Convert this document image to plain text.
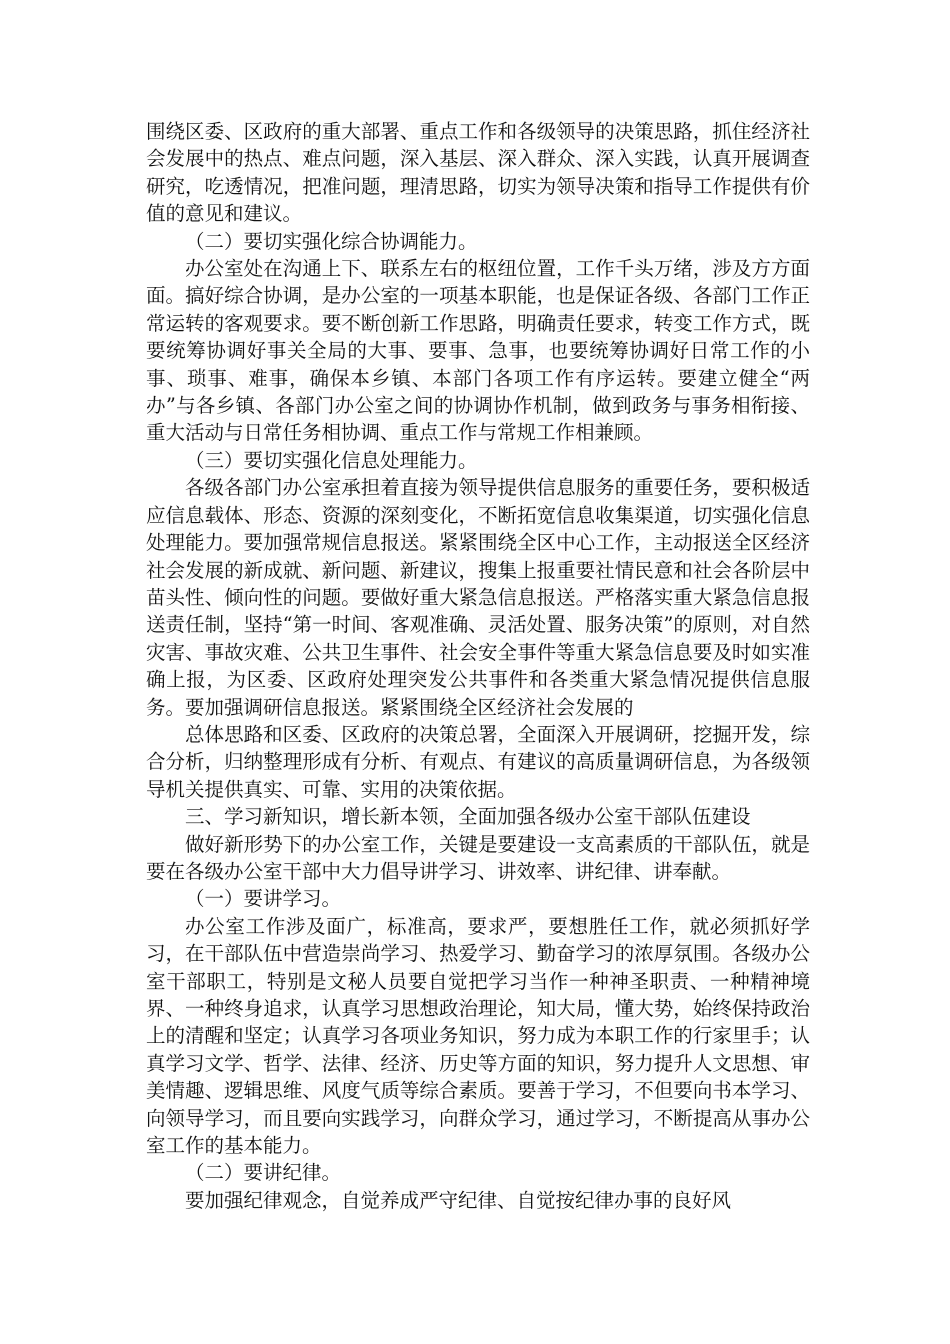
围绕区委、区政府的重大部署、重点工作和各级领导的决策思路，抓住经济社会发展中的热点、难点问题，深入基层、深入群众、深入实践，认真开展调查研究，吃透情况，把准问题，理清思路，切实为领导决策和指导工作提供有价值的意见和建议。

（二）要切实强化综合协调能力。

办公室处在沟通上下、联系左右的枢纽位置，工作千头万绪，涉及方方面面。搞好综合协调，是办公室的一项基本职能，也是保证各级、各部门工作正常运转的客观要求。要不断创新工作思路，明确责任要求，转变工作方式，既要统筹协调好事关全局的大事、要事、急事，也要统筹协调好日常工作的小事、琐事、难事，确保本乡镇、本部门各项工作有序运转。要建立健全“两办”与各乡镇、各部门办公室之间的协调协作机制，做到政务与事务相衔接、重大活动与日常任务相协调、重点工作与常规工作相兼顾。

（三）要切实强化信息处理能力。

各级各部门办公室承担着直接为领导提供信息服务的重要任务，要积极适应信息载体、形态、资源的深刻变化，不断拓宽信息收集渠道，切实强化信息处理能力。要加强常规信息报送。紧紧围绕全区中心工作，主动报送全区经济社会发展的新成就、新问题、新建议，搜集上报重要社情民意和社会各阶层中苗头性、倾向性的问题。要做好重大紧急信息报送。严格落实重大紧急信息报送责任制，坚持“第一时间、客观准确、灵活处置、服务决策”的原则，对自然灾害、事故灾难、公共卫生事件、社会安全事件等重大紧急信息要及时如实准确上报，为区委、区政府处理突发公共事件和各类重大紧急情况提供信息服务。要加强调研信息报送。紧紧围绕全区经济社会发展的

总体思路和区委、区政府的决策总署，全面深入开展调研，挖掘开发，综合分析，归纳整理形成有分析、有观点、有建议的高质量调研信息，为各级领导机关提供真实、可靠、实用的决策依据。

三、学习新知识，增长新本领，全面加强各级办公室干部队伍建设

做好新形势下的办公室工作，关键是要建设一支高素质的干部队伍，就是要在各级办公室干部中大力倡导讲学习、讲效率、讲纪律、讲奉献。

（一）要讲学习。

办公室工作涉及面广，标准高，要求严，要想胜任工作，就必须抓好学习，在干部队伍中营造崇尚学习、热爱学习、勤奋学习的浓厚氛围。各级办公室干部职工，特别是文秘人员要自觉把学习当作一种神圣职责、一种精神境界、一种终身追求，认真学习思想政治理论，知大局，懂大势，始终保持政治上的清醒和坚定；认真学习各项业务知识，努力成为本职工作的行家里手；认真学习文学、哲学、法律、经济、历史等方面的知识，努力提升人文思想、审美情趣、逻辑思维、风度气质等综合素质。要善于学习，不但要向书本学习、向领导学习，而且要向实践学习，向群众学习，通过学习，不断提高从事办公室工作的基本能力。

（二）要讲纪律。

要加强纪律观念，自觉养成严守纪律、自觉按纪律办事的良好风
